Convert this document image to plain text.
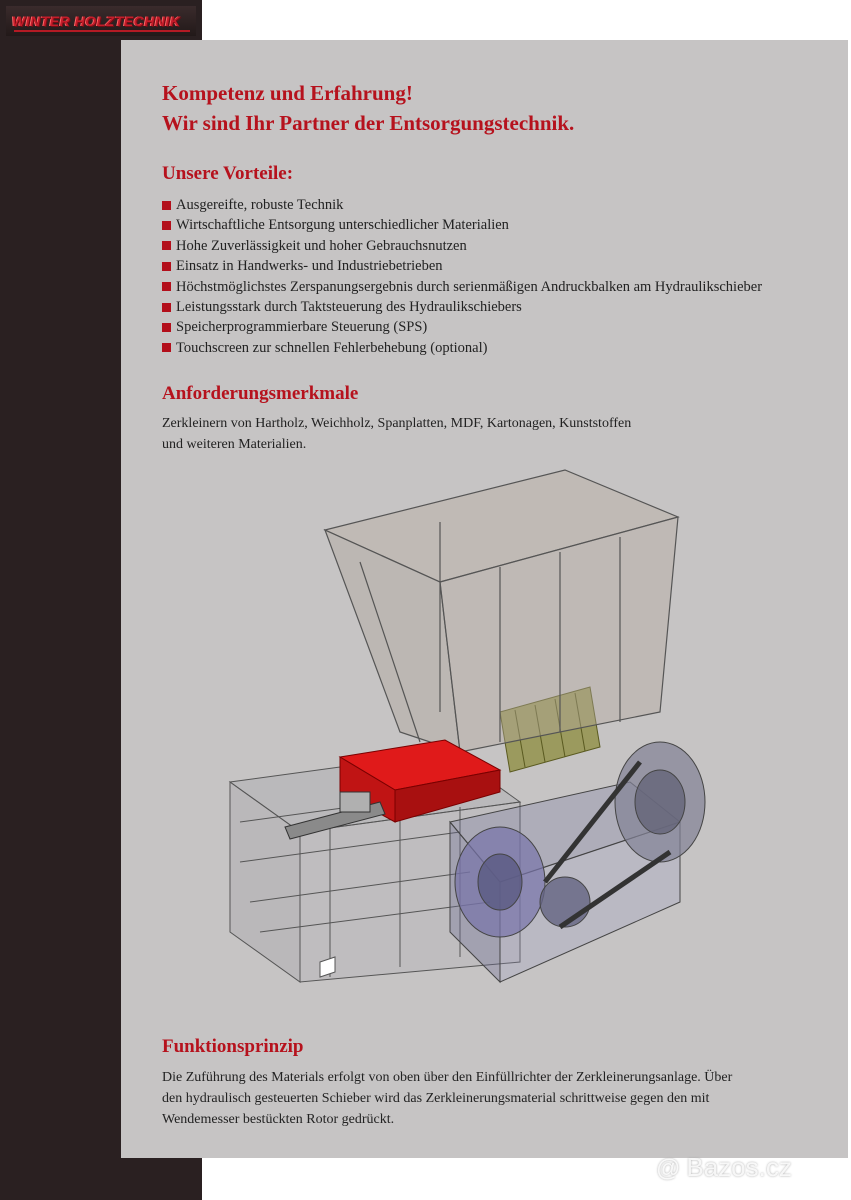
WINTER HOLZTECHNIK
Kompetenz und Erfahrung!
Wir sind Ihr Partner der Entsorgungstechnik.
Unsere Vorteile:
Ausgereifte, robuste Technik
Wirtschaftliche Entsorgung unterschiedlicher Materialien
Hohe Zuverlässigkeit und hoher Gebrauchsnutzen
Einsatz in Handwerks- und Industriebetrieben
Höchstmöglichstes Zerspanungsergebnis durch serienmäßigen Andruckbalken am Hydraulikschieber
Leistungsstark durch Taktsteuerung des Hydraulikschiebers
Speicherprogrammierbare Steuerung (SPS)
Touchscreen zur schnellen Fehlerbehebung (optional)
Anforderungsmerkmale

Zerkleinern von Hartholz, Weichholz, Spanplatten, MDF, Kartonagen, Kunststoffen
und weiteren Materialien.

Funktionsprinzip

Die Zuführung des Materials erfolgt von oben über den Einfüllrichter der Zerkleinerungsanlage. Über
den hydraulisch gesteuerten Schieber wird das Zerkleinerungsmaterial schrittweise gegen den mit
Wendemesser bestückten Rotor gedrückt.

@ Bazos.cz
